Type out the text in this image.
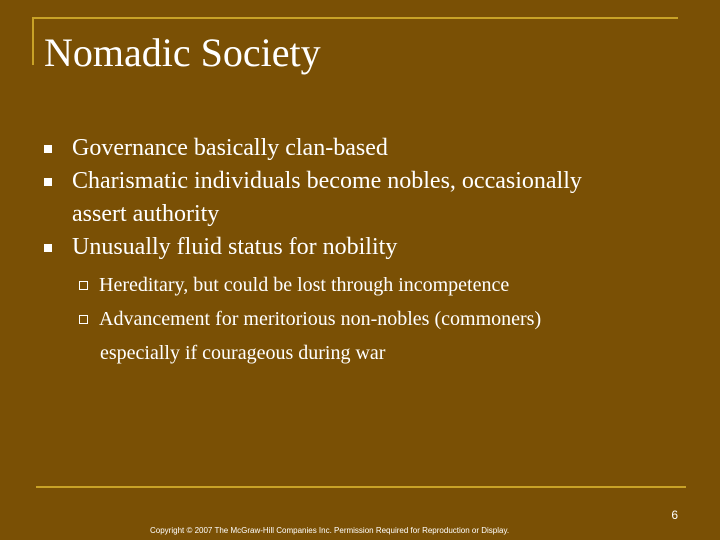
Nomadic Society
Governance basically clan-based
Charismatic individuals become nobles, occasionally assert authority
Unusually fluid status for nobility
Hereditary, but could be lost through incompetence
Advancement for meritorious non-nobles (commoners)
especially if courageous during war
6
Copyright © 2007 The McGraw-Hill Companies Inc. Permission Required for Reproduction or Display.
